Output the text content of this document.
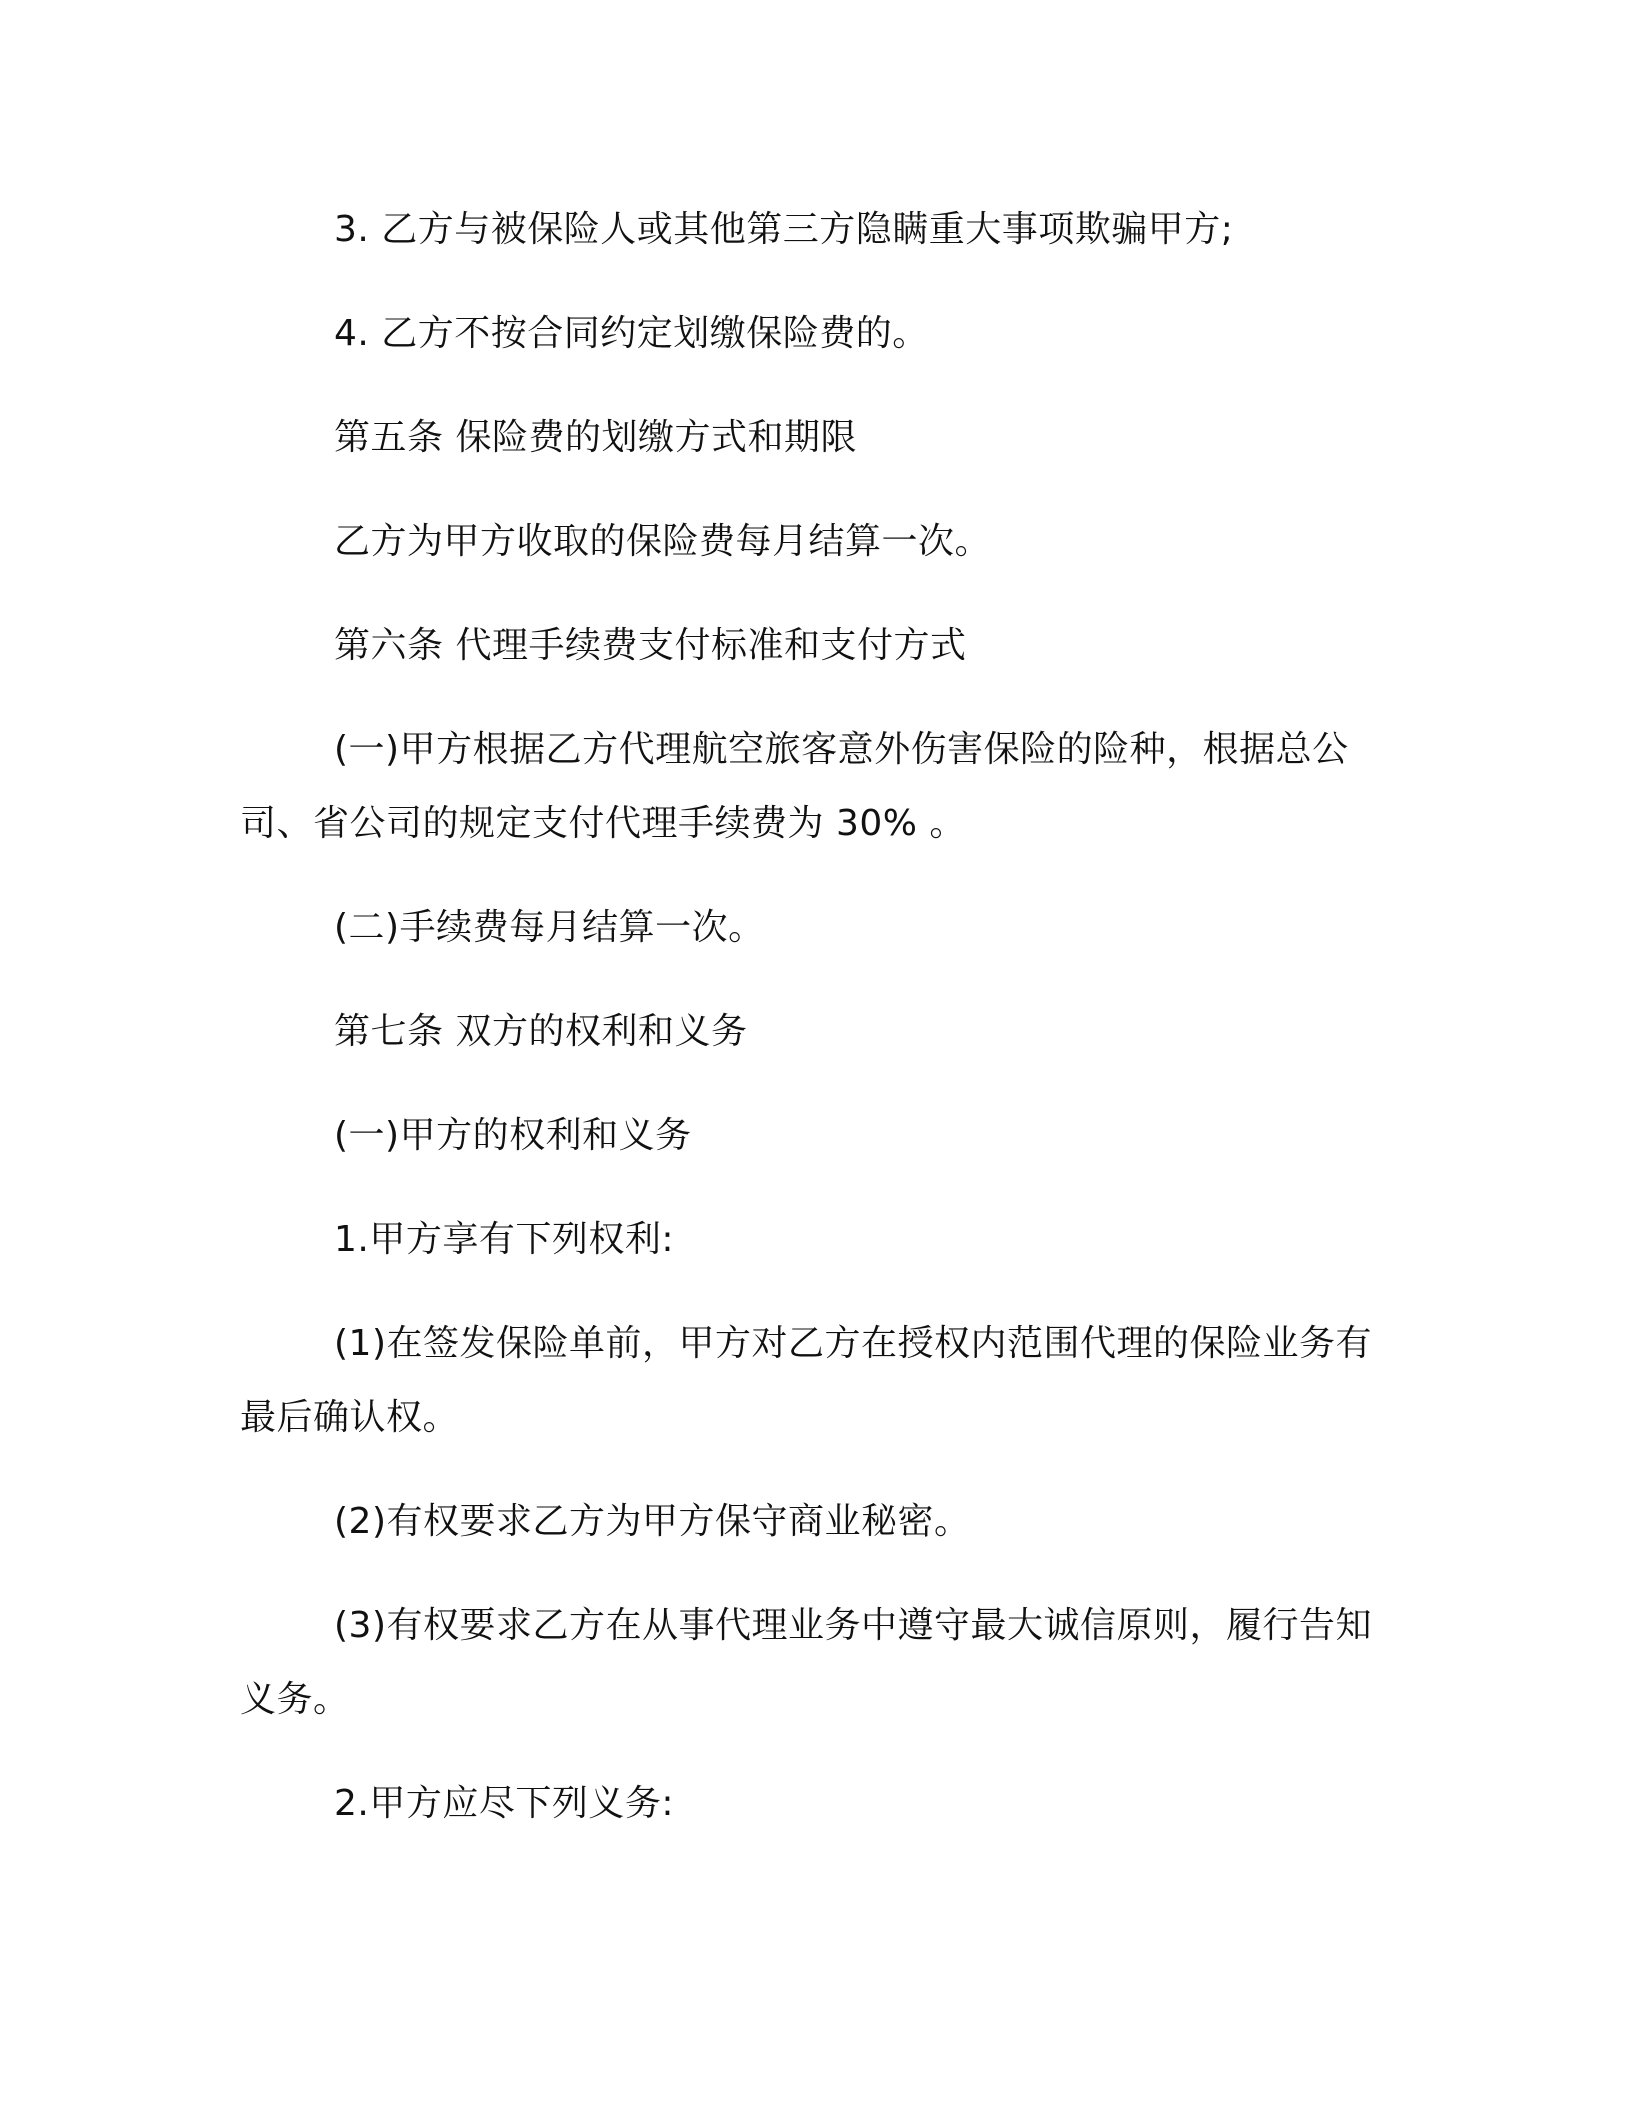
3. 乙方与被保险人或其他第三方隐瞒重大事项欺骗甲方;

4. 乙方不按合同约定划缴保险费的。

第五条 保险费的划缴方式和期限

乙方为甲方收取的保险费每月结算一次。

第六条 代理手续费支付标准和支付方式

(一)甲方根据乙方代理航空旅客意外伤害保险的险种，根据总公司、省公司的规定支付代理手续费为 30% 。

(二)手续费每月结算一次。

第七条 双方的权利和义务

(一)甲方的权利和义务

1.甲方享有下列权利:

(1)在签发保险单前，甲方对乙方在授权内范围代理的保险业务有最后确认权。

(2)有权要求乙方为甲方保守商业秘密。

(3)有权要求乙方在从事代理业务中遵守最大诚信原则，履行告知义务。

2.甲方应尽下列义务:
